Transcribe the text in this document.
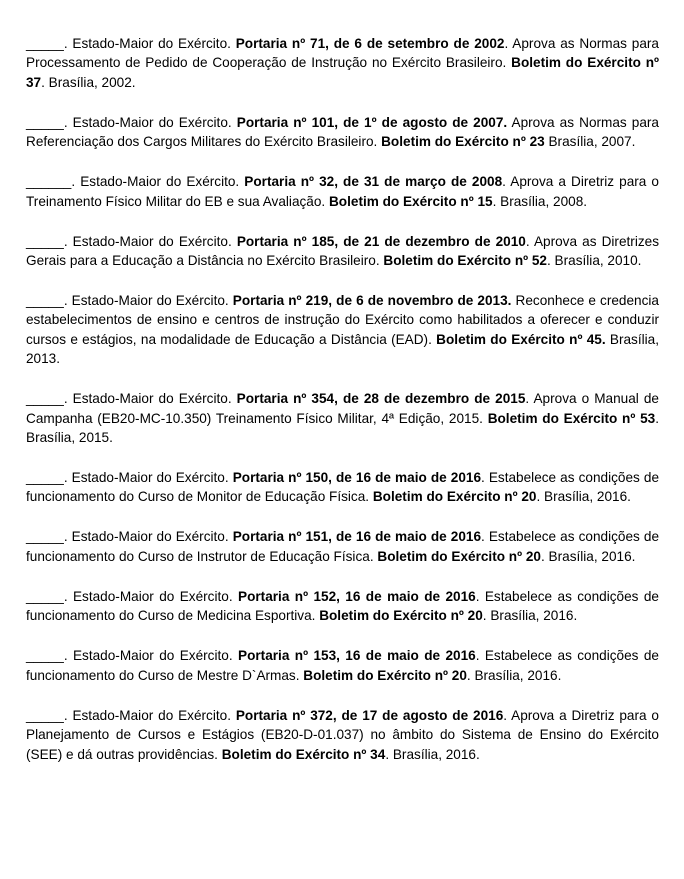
_____. Estado-Maior do Exército. Portaria nº 71, de 6 de setembro de 2002. Aprova as Normas para Processamento de Pedido de Cooperação de Instrução no Exército Brasileiro. Boletim do Exército nº 37. Brasília, 2002.

_____. Estado-Maior do Exército. Portaria nº 101, de 1º de agosto de 2007. Aprova as Normas para Referenciação dos Cargos Militares do Exército Brasileiro. Boletim do Exército nº 23 Brasília, 2007.

______. Estado-Maior do Exército. Portaria nº 32, de 31 de março de 2008. Aprova a Diretriz para o Treinamento Físico Militar do EB e sua Avaliação. Boletim do Exército nº 15. Brasília, 2008.

_____. Estado-Maior do Exército. Portaria nº 185, de 21 de dezembro de 2010. Aprova as Diretrizes Gerais para a Educação a Distância no Exército Brasileiro. Boletim do Exército nº 52. Brasília, 2010.

_____. Estado-Maior do Exército. Portaria nº 219, de 6 de novembro de 2013. Reconhece e credencia estabelecimentos de ensino e centros de instrução do Exército como habilitados a oferecer e conduzir cursos e estágios, na modalidade de Educação a Distância (EAD). Boletim do Exército nº 45. Brasília, 2013.

_____. Estado-Maior do Exército. Portaria nº 354, de 28 de dezembro de 2015. Aprova o Manual de Campanha (EB20-MC-10.350) Treinamento Físico Militar, 4ª Edição, 2015. Boletim do Exército nº 53. Brasília, 2015.

_____. Estado-Maior do Exército. Portaria nº 150, de 16 de maio de 2016. Estabelece as condições de funcionamento do Curso de Monitor de Educação Física. Boletim do Exército nº 20. Brasília, 2016.

_____. Estado-Maior do Exército. Portaria nº 151, de 16 de maio de 2016. Estabelece as condições de funcionamento do Curso de Instrutor de Educação Física. Boletim do Exército nº 20. Brasília, 2016.

_____. Estado-Maior do Exército. Portaria nº 152, 16 de maio de 2016. Estabelece as condições de funcionamento do Curso de Medicina Esportiva. Boletim do Exército nº 20. Brasília, 2016.

_____. Estado-Maior do Exército. Portaria nº 153, 16 de maio de 2016. Estabelece as condições de funcionamento do Curso de Mestre D`Armas. Boletim do Exército nº 20. Brasília, 2016.

_____. Estado-Maior do Exército. Portaria nº 372, de 17 de agosto de 2016. Aprova a Diretriz para o Planejamento de Cursos e Estágios (EB20-D-01.037) no âmbito do Sistema de Ensino do Exército (SEE) e dá outras providências. Boletim do Exército nº 34. Brasília, 2016.
